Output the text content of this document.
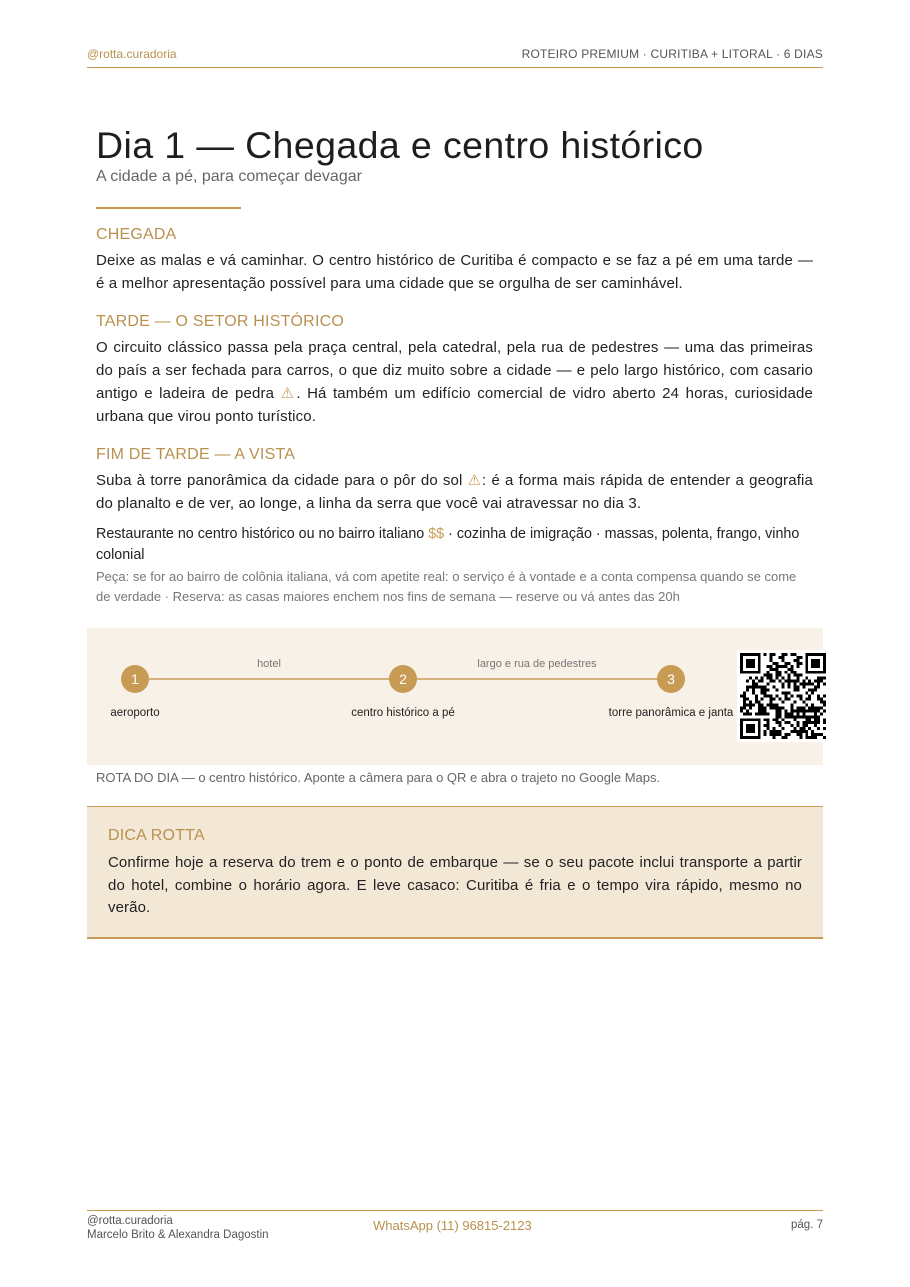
@rotta.curadoria	ROTEIRO PREMIUM · CURITIBA + LITORAL · 6 DIAS
Dia 1 — Chegada e centro histórico
A cidade a pé, para começar devagar
CHEGADA

Deixe as malas e vá caminhar. O centro histórico de Curitiba é compacto e se faz a pé em uma tarde — é a melhor apresentação possível para uma cidade que se orgulha de ser caminhável.

TARDE — O SETOR HISTÓRICO

O circuito clássico passa pela praça central, pela catedral, pela rua de pedestres — uma das primeiras do país a ser fechada para carros, o que diz muito sobre a cidade — e pelo largo histórico, com casario antigo e ladeira de pedra ⚠. Há também um edifício comercial de vidro aberto 24 horas, curiosidade urbana que virou ponto turístico.

FIM DE TARDE — A VISTA

Suba à torre panorâmica da cidade para o pôr do sol ⚠: é a forma mais rápida de entender a geografia do planalto e de ver, ao longe, a linha da serra que você vai atravessar no dia 3.

Restaurante no centro histórico ou no bairro italiano $$ · cozinha de imigração · massas, polenta, frango, vinho colonial

Peça: se for ao bairro de colônia italiana, vá com apetite real: o serviço é à vontade e a conta compensa quando se come de verdade · Reserva: as casas maiores enchem nos fins de semana — reserve ou vá antes das 20h

hotel	largo e rua de pedestres
1
aeroporto
2
centro histórico a pé
3
torre panorâmica e janta
ROTA DO DIA — o centro histórico. Aponte a câmera para o QR e abra o trajeto no Google Maps.
DICA ROTTA

Confirme hoje a reserva do trem e o ponto de embarque — se o seu pacote inclui transporte a partir do hotel, combine o horário agora. E leve casaco: Curitiba é fria e o tempo vira rápido, mesmo no verão.

@rotta.curadoria
Marcelo Brito & Alexandra Dagostin
WhatsApp (11) 96815-2123	pág. 7
